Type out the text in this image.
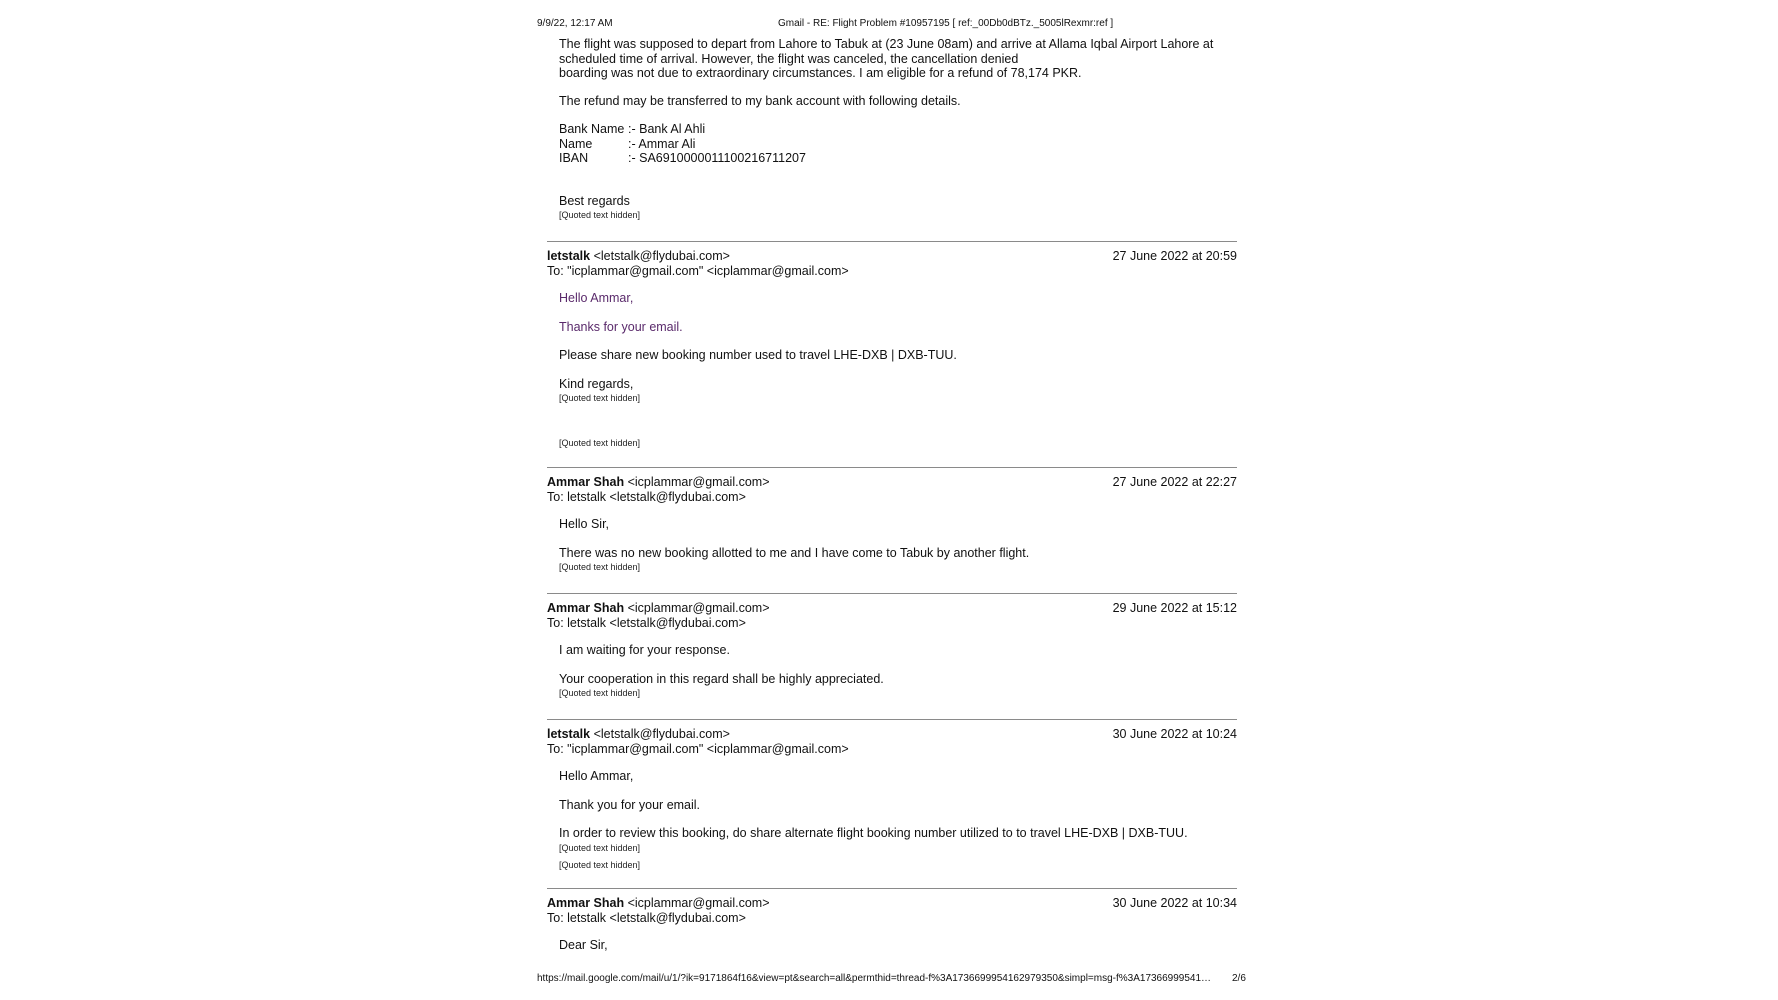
9/9/22, 12:17 AM	Gmail - RE: Flight Problem #10957195 [ ref:_00Db0dBTz._5005lRexmr:ref ]
The flight was supposed to depart from Lahore to Tabuk at (23 June 08am) and arrive at Allama Iqbal Airport Lahore at
scheduled time of arrival. However, the flight was canceled, the cancellation denied
boarding was not due to extraordinary circumstances. I am eligible for a refund of 78,174 PKR.
The refund may be transferred to my bank account with following details.
Bank Name	:- Bank Al Ahli
Name	:- Ammar Ali
IBAN	:- SA6910000011100216711207
Best regards
[Quoted text hidden]
letstalk <letstalk@flydubai.com>	27 June 2022 at 20:59
To: "icplammar@gmail.com" <icplammar@gmail.com>
Hello Ammar,
Thanks for your email.
Please share new booking number used to travel LHE-DXB | DXB-TUU.
Kind regards,
[Quoted text hidden]
[Quoted text hidden]
Ammar Shah <icplammar@gmail.com>	27 June 2022 at 22:27
To: letstalk <letstalk@flydubai.com>
Hello Sir,
There was no new booking allotted to me and I have come to Tabuk by another flight.
[Quoted text hidden]
Ammar Shah <icplammar@gmail.com>	29 June 2022 at 15:12
To: letstalk <letstalk@flydubai.com>
I am waiting for your response.
Your cooperation in this regard shall be highly appreciated.
[Quoted text hidden]
letstalk <letstalk@flydubai.com>	30 June 2022 at 10:24
To: "icplammar@gmail.com" <icplammar@gmail.com>
Hello Ammar,
Thank you for your email.
In order to review this booking, do share alternate flight booking number utilized to to travel LHE-DXB | DXB-TUU.
[Quoted text hidden]
[Quoted text hidden]
Ammar Shah <icplammar@gmail.com>	30 June 2022 at 10:34
To: letstalk <letstalk@flydubai.com>
Dear Sir,
https://mail.google.com/mail/u/1/?ik=9171864f16&view=pt&search=all&permthid=thread-f%3A1736699954162979350&simpl=msg-f%3A17366999541… 2/6
